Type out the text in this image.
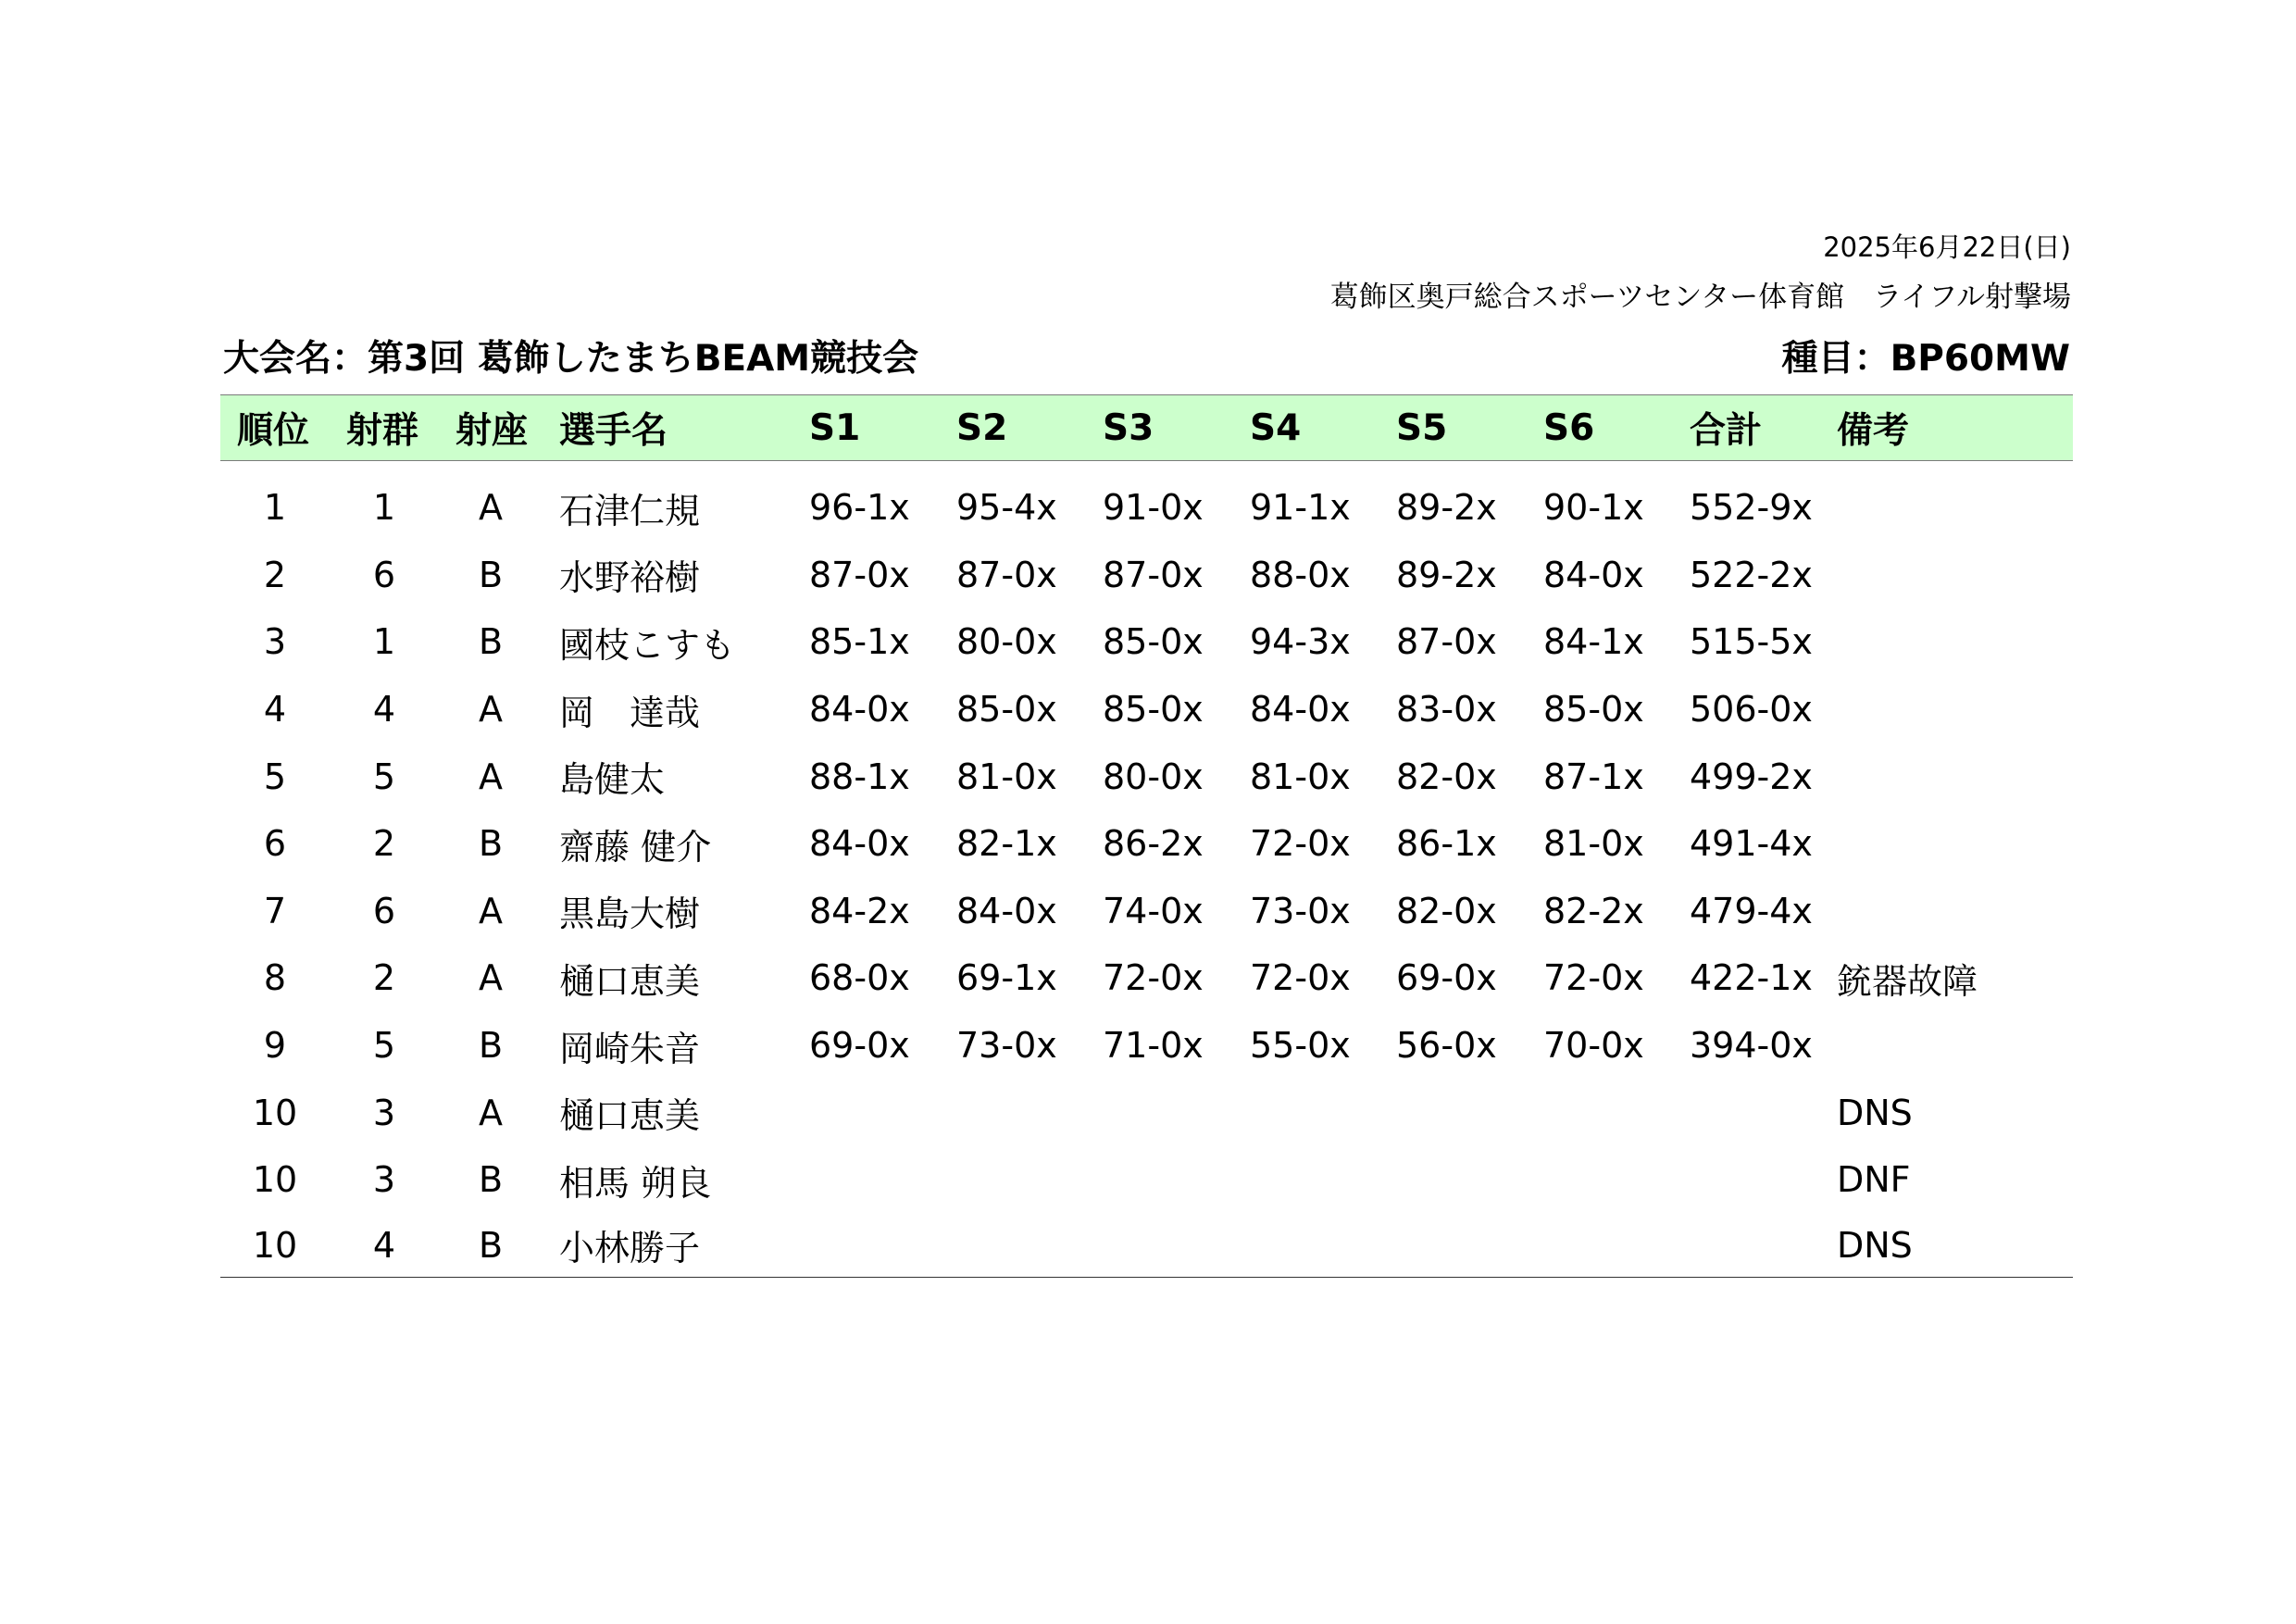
2025年6月22日(日)
葛飾区奥戸総合スポーツセンター体育館　ライフル射撃場
大会名：第3回 葛飾したまちBEAM競技会	種目：BP60MW
順位	射群	射座	選手名	S1	S2	S3	S4	S5	S6	合計	備考
1	1	A	石津仁規	96-1x	95-4x	91-0x	91-1x	89-2x	90-1x	552-9x	
2	6	B	水野裕樹	87-0x	87-0x	87-0x	88-0x	89-2x	84-0x	522-2x	
3	1	B	國枝こすも	85-1x	80-0x	85-0x	94-3x	87-0x	84-1x	515-5x	
4	4	A	岡　達哉	84-0x	85-0x	85-0x	84-0x	83-0x	85-0x	506-0x	
5	5	A	島健太	88-1x	81-0x	80-0x	81-0x	82-0x	87-1x	499-2x	
6	2	B	齋藤 健介	84-0x	82-1x	86-2x	72-0x	86-1x	81-0x	491-4x	
7	6	A	黒島大樹	84-2x	84-0x	74-0x	73-0x	82-0x	82-2x	479-4x	
8	2	A	樋口恵美	68-0x	69-1x	72-0x	72-0x	69-0x	72-0x	422-1x	銃器故障
9	5	B	岡崎朱音	69-0x	73-0x	71-0x	55-0x	56-0x	70-0x	394-0x	
10	3	A	樋口恵美								DNS
10	3	B	相馬 朔良								DNF
10	4	B	小林勝子								DNS
